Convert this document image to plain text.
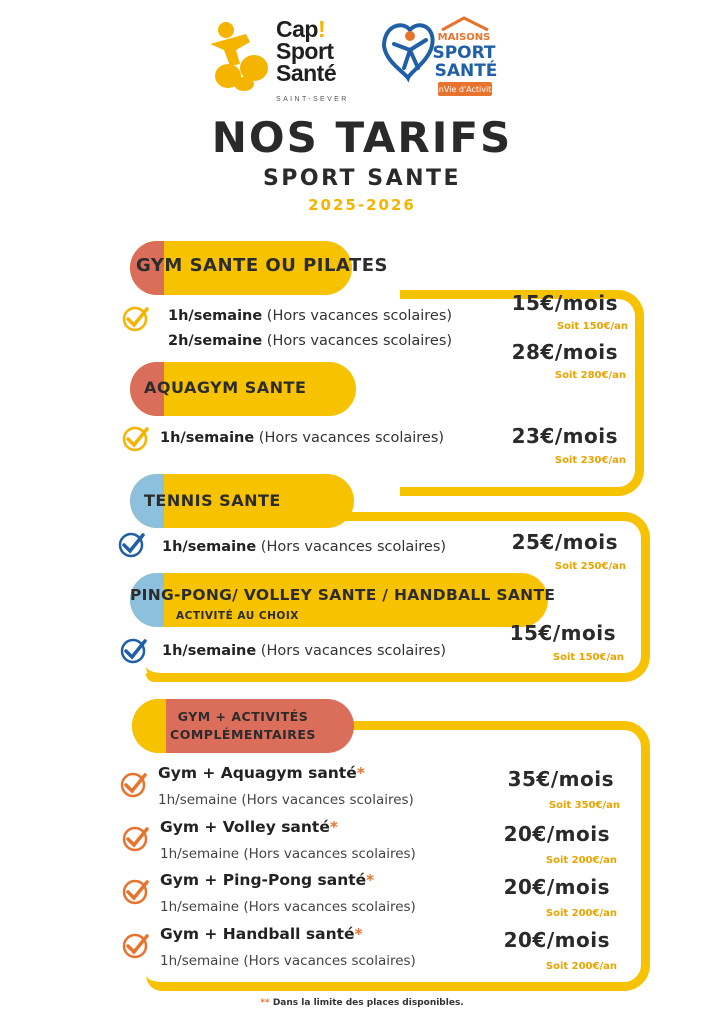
Cap!
Sport
Santé
SAINT-SEVER
MAISONS
SPORT
SANTÉ
EnVie d'Activité
NOS TARIFS
SPORT SANTE
2025-2026
GYM SANTE OU PILATES
1h/semaine (Hors vacances scolaires)
2h/semaine (Hors vacances scolaires)
15€/mois
Soit 150€/an
28€/mois
Soit 280€/an
AQUAGYM SANTE
1h/semaine (Hors vacances scolaires)	23€/mois
Soit 230€/an
TENNIS SANTE
1h/semaine (Hors vacances scolaires)	25€/mois
Soit 250€/an
PING-PONG/ VOLLEY SANTE / HANDBALL SANTE
ACTIVITÉ AU CHOIX
1h/semaine (Hors vacances scolaires)
15€/mois
Soit 150€/an
GYM + ACTIVITÉS
COMPLÉMENTAIRES
Gym + Aquagym santé*
1h/semaine (Hors vacances scolaires)
35€/mois
Soit 350€/an
Gym + Volley santé*
1h/semaine (Hors vacances scolaires)
20€/mois
Soit 200€/an
Gym + Ping-Pong santé*
1h/semaine (Hors vacances scolaires)
20€/mois
Soit 200€/an
Gym + Handball santé*
1h/semaine (Hors vacances scolaires)
20€/mois
Soit 200€/an
** Dans la limite des places disponibles.
